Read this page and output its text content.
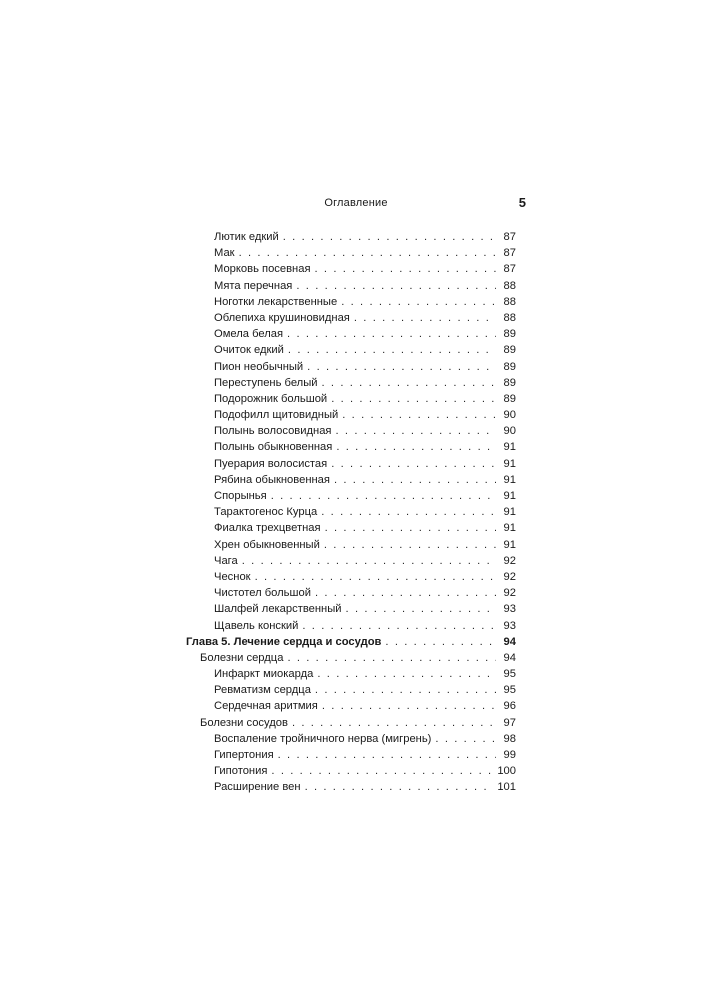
Оглавление	5
Лютик едкий . . .	87
Мак . . .	87
Морковь посевная . . .	87
Мята перечная . . .	88
Ноготки лекарственные . . .	88
Облепиха крушиновидная . . .	88
Омела белая . . .	89
Очиток едкий . . .	89
Пион необычный . . .	89
Переступень белый . . .	89
Подорожник большой . . .	89
Подофилл щитовидный . . .	90
Полынь волосовидная . . .	90
Полынь обыкновенная . . .	91
Пуерария волосистая . . .	91
Рябина обыкновенная . . .	91
Спорынья . . .	91
Тарактогенос Курца . . .	91
Фиалка трехцветная . . .	91
Хрен обыкновенный . . .	91
Чага . . .	92
Чеснок . . .	92
Чистотел большой . . .	92
Шалфей лекарственный . . .	93
Щавель конский . . .	93
Глава 5. Лечение сердца и сосудов . . .	94
Болезни сердца . . .	94
Инфаркт миокарда . . .	95
Ревматизм сердца . . .	95
Сердечная аритмия . . .	96
Болезни сосудов . . .	97
Воспаление тройничного нерва (мигрень) . . .	98
Гипертония . . .	99
Гипотония . . .	100
Расширение вен . . .	101
